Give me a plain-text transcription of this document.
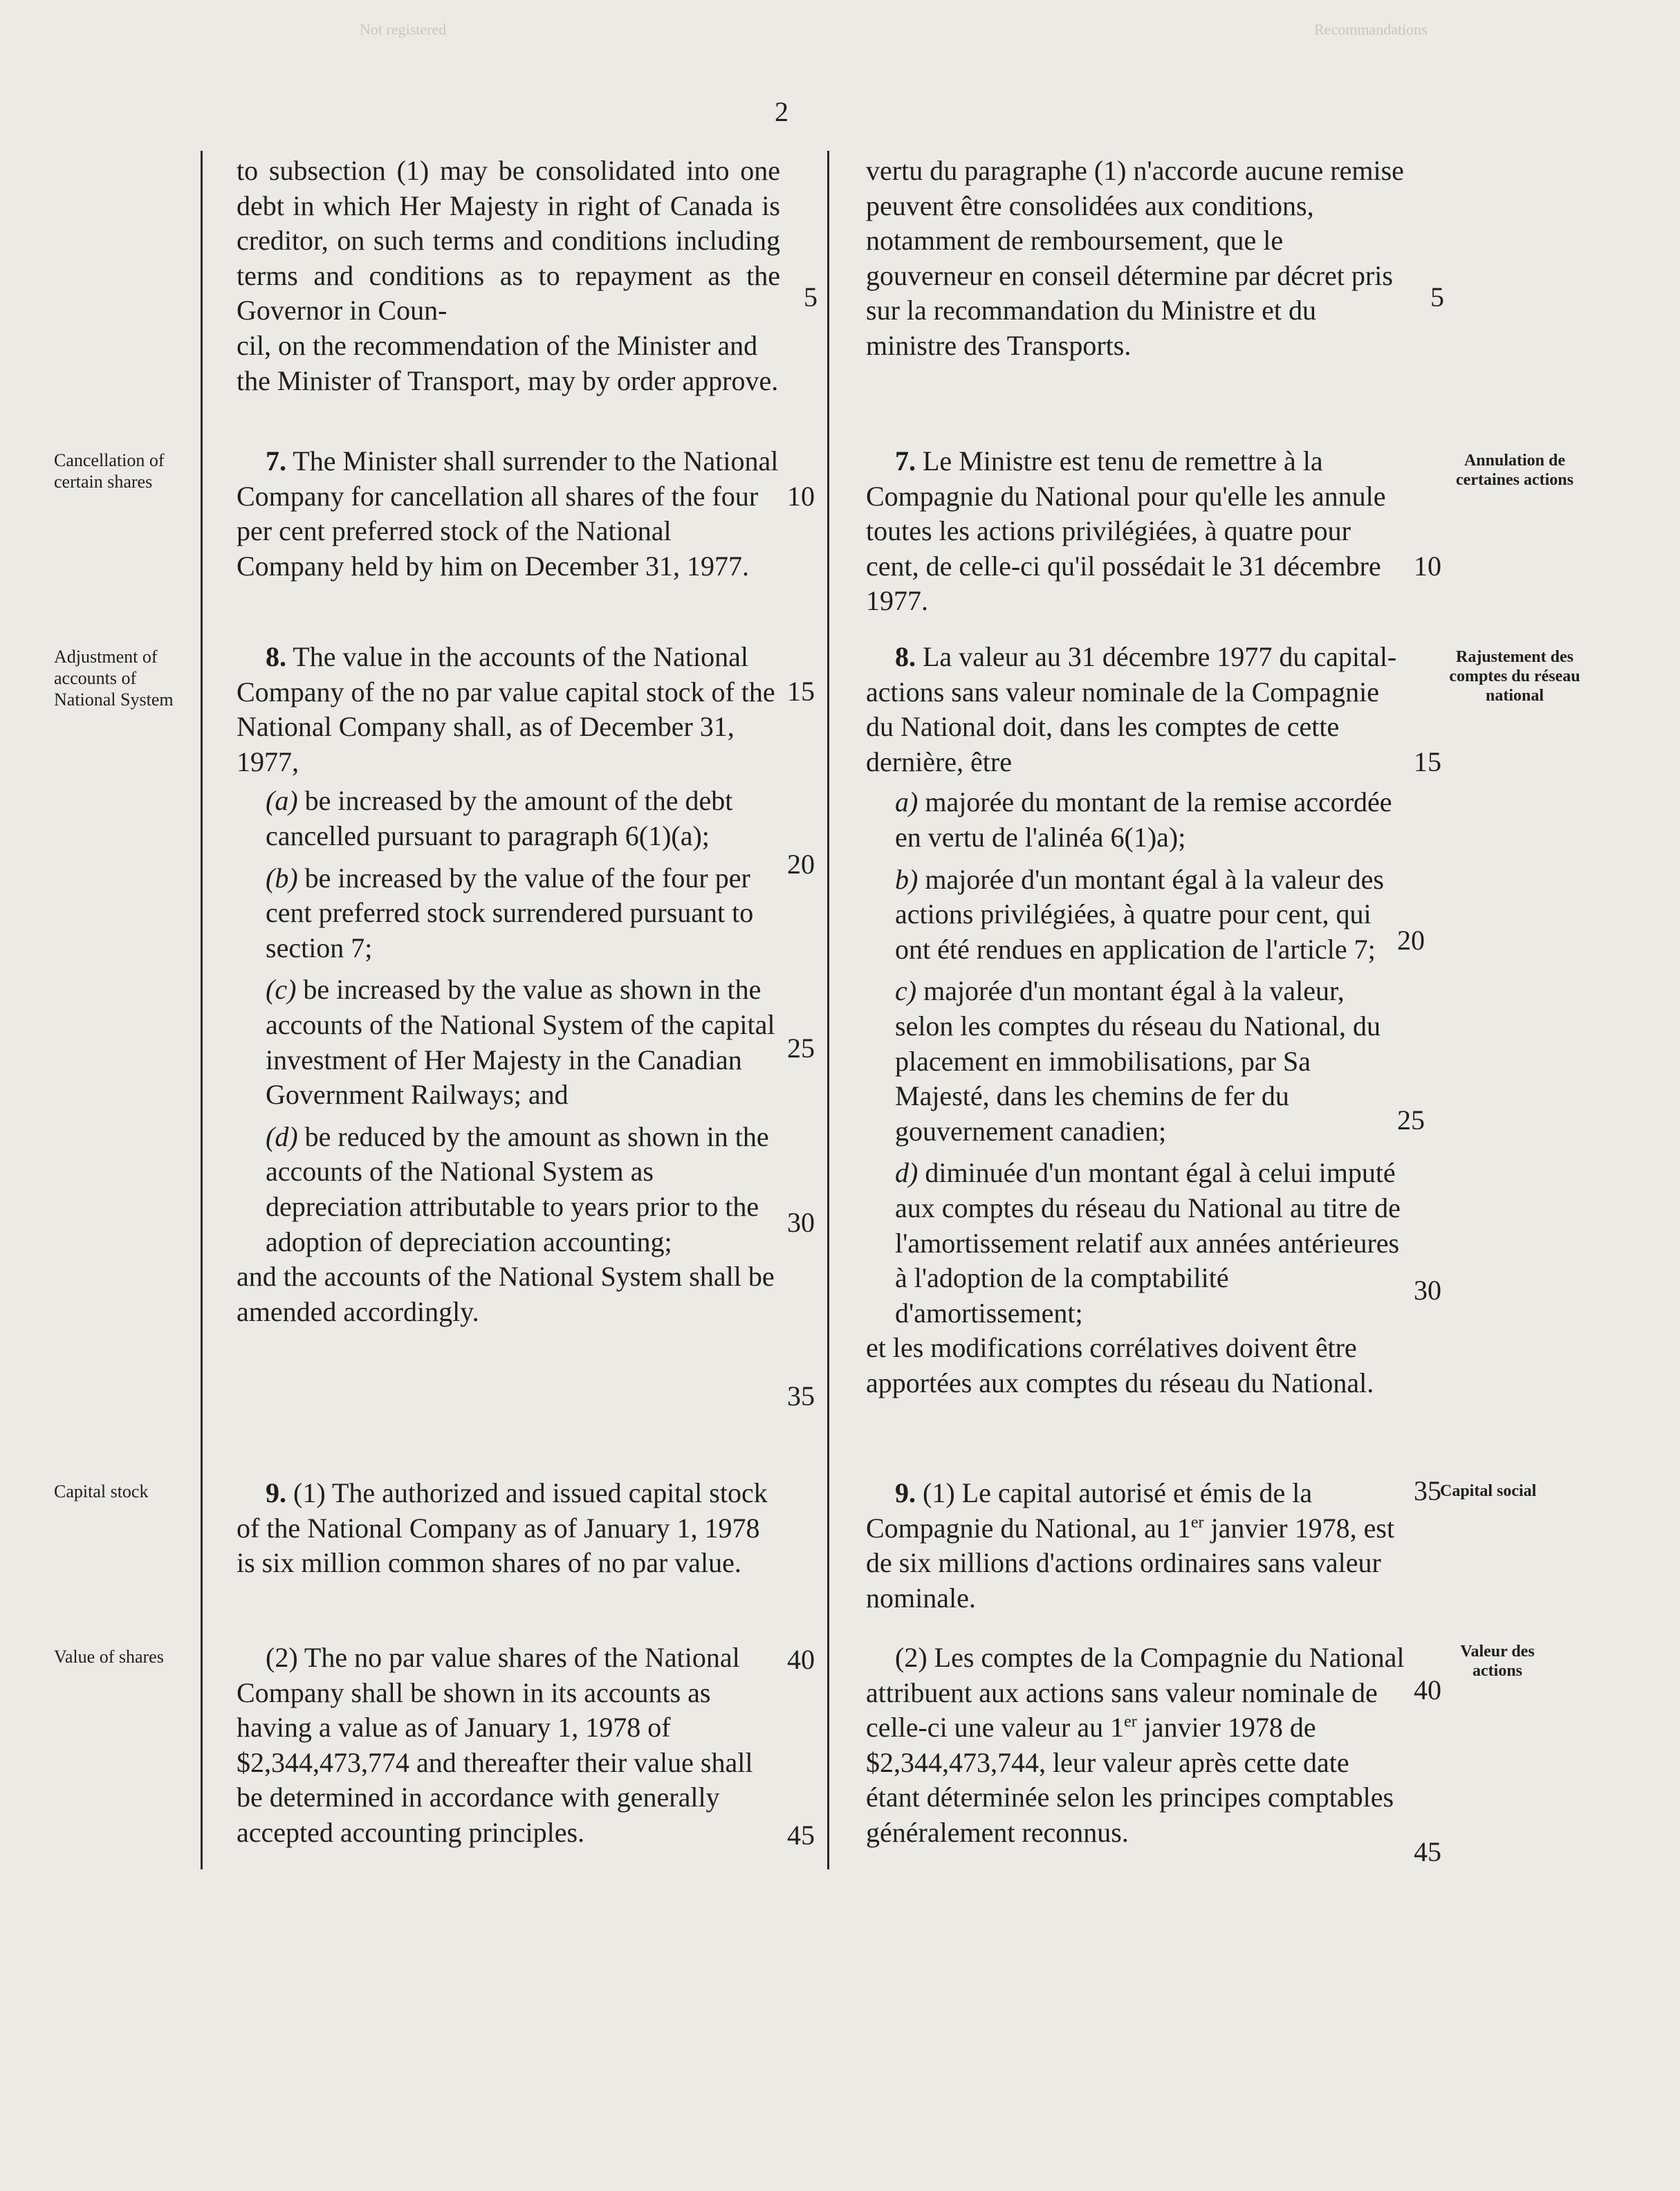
Not registered	Recommandations
2
Cancellation of certain shares
Adjustment of accounts of National System
Capital stock
Value of shares

to subsection (1) may be consolidated into one debt in which Her Majesty in right of Canada is creditor, on such terms and conditions including terms and conditions as to repayment as the Governor in Coun-

cil, on the recommendation of the Minister and the Minister of Transport, may by order approve.

7. The Minister shall surrender to the National Company for cancellation all shares of the four per cent preferred stock of the National Company held by him on December 31, 1977.

8. The value in the accounts of the National Company of the no par value capital stock of the National Company shall, as of December 31, 1977,

(a) be increased by the amount of the debt cancelled pursuant to paragraph 6(1)(a);

(b) be increased by the value of the four per cent preferred stock surrendered pursuant to section 7;

(c) be increased by the value as shown in the accounts of the National System of the capital investment of Her Majesty in the Canadian Government Railways; and

(d) be reduced by the amount as shown in the accounts of the National System as depreciation attributable to years prior to the adoption of depreciation accounting;

and the accounts of the National System shall be amended accordingly.

9. (1) The authorized and issued capital stock of the National Company as of January 1, 1978 is six million common shares of no par value.

(2) The no par value shares of the National Company shall be shown in its accounts as having a value as of January 1, 1978 of $2,344,473,774 and thereafter their value shall be determined in accordance with generally accepted accounting principles.

5
10
15
20
25
30
35
40
45

vertu du paragraphe (1) n'accorde aucune remise peuvent être consolidées aux conditions, notamment de remboursement, que le gouverneur en conseil détermine par décret pris sur la recommandation du Ministre et du ministre des Transports.

7. Le Ministre est tenu de remettre à la Compagnie du National pour qu'elle les annule toutes les actions privilégiées, à quatre pour cent, de celle-ci qu'il possédait le 31 décembre 1977.

8. La valeur au 31 décembre 1977 du capital-actions sans valeur nominale de la Compagnie du National doit, dans les comptes de cette dernière, être

a) majorée du montant de la remise accordée en vertu de l'alinéa 6(1)a);

b) majorée d'un montant égal à la valeur des actions privilégiées, à quatre pour cent, qui ont été rendues en application de l'article 7;

c) majorée d'un montant égal à la valeur, selon les comptes du réseau du National, du placement en immobilisations, par Sa Majesté, dans les chemins de fer du gouvernement canadien;

d) diminuée d'un montant égal à celui imputé aux comptes du réseau du National au titre de l'amortissement relatif aux années antérieures à l'adoption de la comptabilité d'amortissement;

et les modifications corrélatives doivent être apportées aux comptes du réseau du National.

9. (1) Le capital autorisé et émis de la Compagnie du National, au 1er janvier 1978, est de six millions d'actions ordinaires sans valeur nominale.

(2) Les comptes de la Compagnie du National attribuent aux actions sans valeur nominale de celle-ci une valeur au 1er janvier 1978 de $2,344,473,744, leur valeur après cette date étant déterminée selon les principes comptables généralement reconnus.

5
10
15
20
25
30
35
40
45
Annulation de certaines actions
Rajustement des comptes du réseau national
Capital social
Valeur des actions
